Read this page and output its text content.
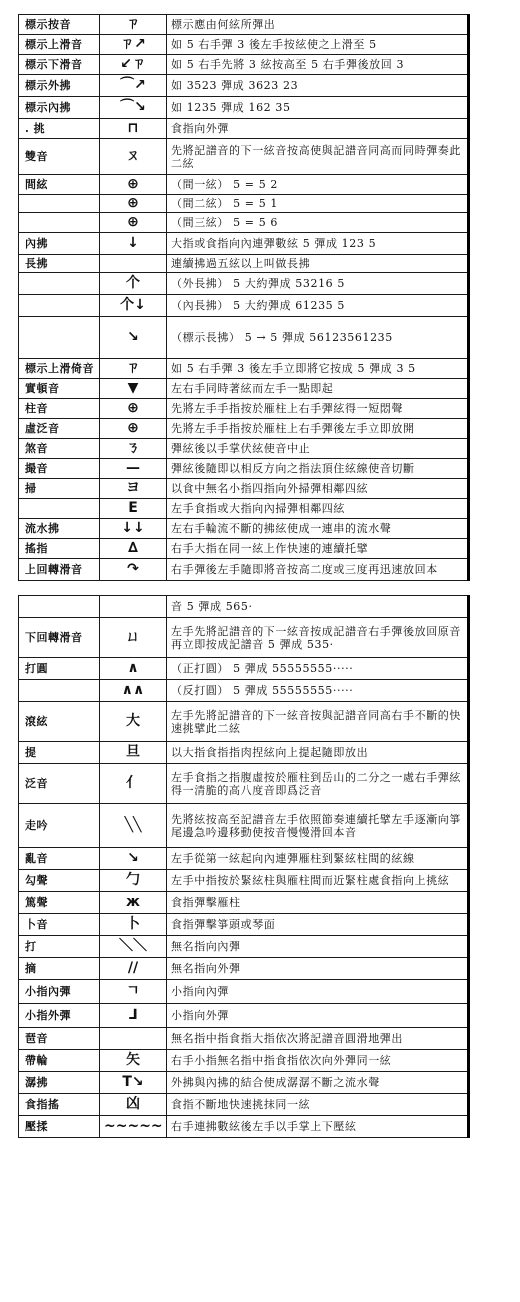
標示按音	ㄗ	標示應由何絃所彈出
標示上滑音	ㄗ↗	如 5 右手彈 3 後左手按絃使之上滑至 5
標示下滑音	↙ㄗ	如 5 右手先將 3 絃按高至 5 右手彈後放回 3
標示外拂	⌒↗	如 3523 彈成 3623 23
標示內拂	⌒↘	如 1235 彈成 162 35
. 挑	⊓	食指向外彈
雙音	ㄡ	先將記譜音的下一絃音按高使與記譜音同高而同時彈奏此二絃
間絃	⊕	（間一絃） 5 = 5 2
	⊕	（間二絃） 5 = 5 1
	⊕	（間三絃） 5 = 5 6
內拂	↓	大指或食指向內連彈數絃 5 彈成 123 5
長拂		連續拂過五絃以上叫做長拂
	个	（外長拂） 5 大約彈成 53216 5
	个↓	（內長拂） 5 大約彈成 61235 5
	↘	（標示長拂） 5 → 5 彈成 56123561235
標示上滑倚音	ㄗ	如 5 右手彈 3 後左手立即將它按成 5 彈成 3 5
實頓音	▼	左右手同時著絃而左手一點即起
柱音	⊕	先將左手手指按於雁柱上右手彈絃得一短悶聲
虛泛音	⊕	先將左手手指按於雁柱上右手彈後左手立即放開
煞音	ㄋ	彈絃後以手掌伏絃使音中止
撮音	—	彈絃後隨即以相反方向之指法頂住絃線使音切斷
掃	ヨ	以食中無名小指四指向外掃彈相鄰四絃
	E	左手食指或大指向內掃彈相鄰四絃
流水拂	↓↓	左右手輪流不斷的拂絃使成一連串的流水聲
搖指	∆	右手大指在同一絃上作快速的連續托擘
上回轉滑音	↷	右手彈後左手隨即將音按高二度或三度再迅速放回本
		音 5 彈成 565·
下回轉滑音	ㄩ	左手先將記譜音的下一絃音按成記譜音右手彈後放回原音再立即按成記譜音 5 彈成 535·
打圓	∧	（正打圓） 5 彈成 55555555·····
	∧∧	（反打圓） 5 彈成 55555555·····
滾絃	大	左手先將記譜音的下一絃音按與記譜音同高右手不斷的快速挑擘此二絃
提	旦	以大指食指指肉捏絃向上提起隨即放出
泛音	亻	左手食指之指腹虛按於雁柱到岳山的二分之一處右手彈絃得一清脆的高八度音即爲泛音
走吟	╲╲	先將絃按高至記譜音左手依照節奏連續托擘左手逐漸向箏尾邊急吟邊移動使按音慢慢滑回本音
亂音	↘	左手從第一絃起向內連彈雁柱到緊絃柱間的絃線
勾聲	勹	左手中指按於緊絃柱與雁柱間而近緊柱處食指向上挑絃
篤聲	ж	食指彈擊雁柱
卜音	卜	食指彈擊箏頭或琴面
打	＼＼	無名指向內彈
摘	//	無名指向外彈
小指內彈	ㄱ	小指向內彈
小指外彈	⅃	小指向外彈
琶音		無名指中指食指大指依次將記譜音圓滑地彈出
帶輪	矢	右手小指無名指中指食指依次向外彈同一絃
潺拂	T↘	外拂與內拂的結合使成潺潺不斷之流水聲
食指搖	凶	食指不斷地快速挑抹同一絃
壓揉	~~~~~	右手連拂數絃後左手以手掌上下壓絃
